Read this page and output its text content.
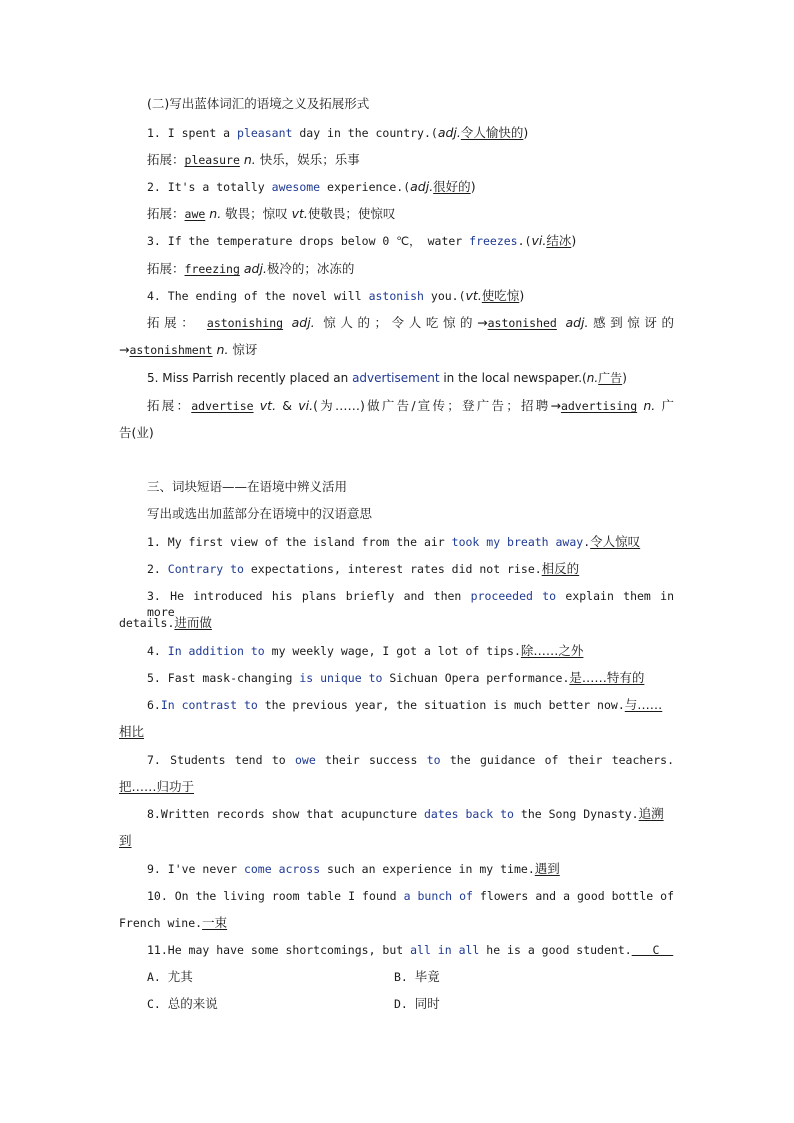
(二)写出蓝体词汇的语境之义及拓展形式
1. I spent a pleasant day in the country.(adj.令人愉快的)
拓展：pleasure n. 快乐，娱乐；乐事
2. It's a totally awesome experience.(adj.很好的)
拓展：awe n. 敬畏；惊叹 vt.使敬畏；使惊叹
3. If the temperature drops below 0 ℃， water freezes.(vi.结冰)
拓展：freezing adj.极冷的；冰冻的
4. The ending of the novel will astonish you.(vt.使吃惊)
拓展： astonishing adj. 惊人的；令人吃惊的→astonished adj.感到惊讶的
→astonishment n. 惊讶
5. Miss Parrish recently placed an advertisement in the local newspaper.(n.广告)
拓展：advertise vt. & vi.(为……)做广告/宣传；登广告；招聘→advertising n. 广
告(业)
三、词块短语——在语境中辨义活用
写出或选出加蓝部分在语境中的汉语意思
1. My first view of the island from the air took my breath away.令人惊叹
2. Contrary to expectations, interest rates did not rise.相反的
3. He introduced his plans briefly and then proceeded to explain them in more
details.进而做
4. In addition to my weekly wage, I got a lot of tips.除……之外
5. Fast mask-changing is unique to Sichuan Opera performance.是……特有的
6.In contrast to the previous year, the situation is much better now.与……
相比
7. Students tend to owe their success to the guidance of their teachers.
把……归功于
8.Written records show that acupuncture dates back to the Song Dynasty.追溯
到
9. I've never come across such an experience in my time.遇到
10. On the living room table I found a bunch of flowers and a good bottle of
French wine.一束
11.He may have some shortcomings, but all in all he is a good student.   C
A. 尤其	B. 毕竟
C. 总的来说	D. 同时
